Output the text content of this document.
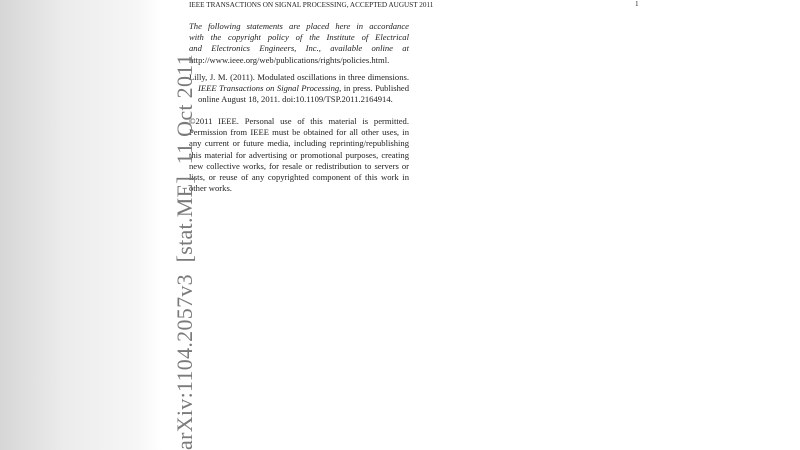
IEEE TRANSACTIONS ON SIGNAL PROCESSING, ACCEPTED AUGUST 2011	1
The following statements are placed here in accordance
with the copyright policy of the Institute of Electrical
and Electronics Engineers, Inc., available online at
http://www.ieee.org/web/publications/rights/policies.html.
Lilly, J. M. (2011). Modulated oscillations in three dimensions.
IEEE Transactions on Signal Processing, in press. Published
online August 18, 2011. doi:10.1109/TSP.2011.2164914.
©2011 IEEE. Personal use of this material is permitted.
Permission from IEEE must be obtained for all other uses, in
any current or future media, including reprinting/republishing
this material for advertising or promotional purposes, creating
new collective works, for resale or redistribution to servers or
lists, or reuse of any copyrighted component of this work in
other works.
arXiv:1104.2057v3  [stat.ME]  11 Oct 2011
